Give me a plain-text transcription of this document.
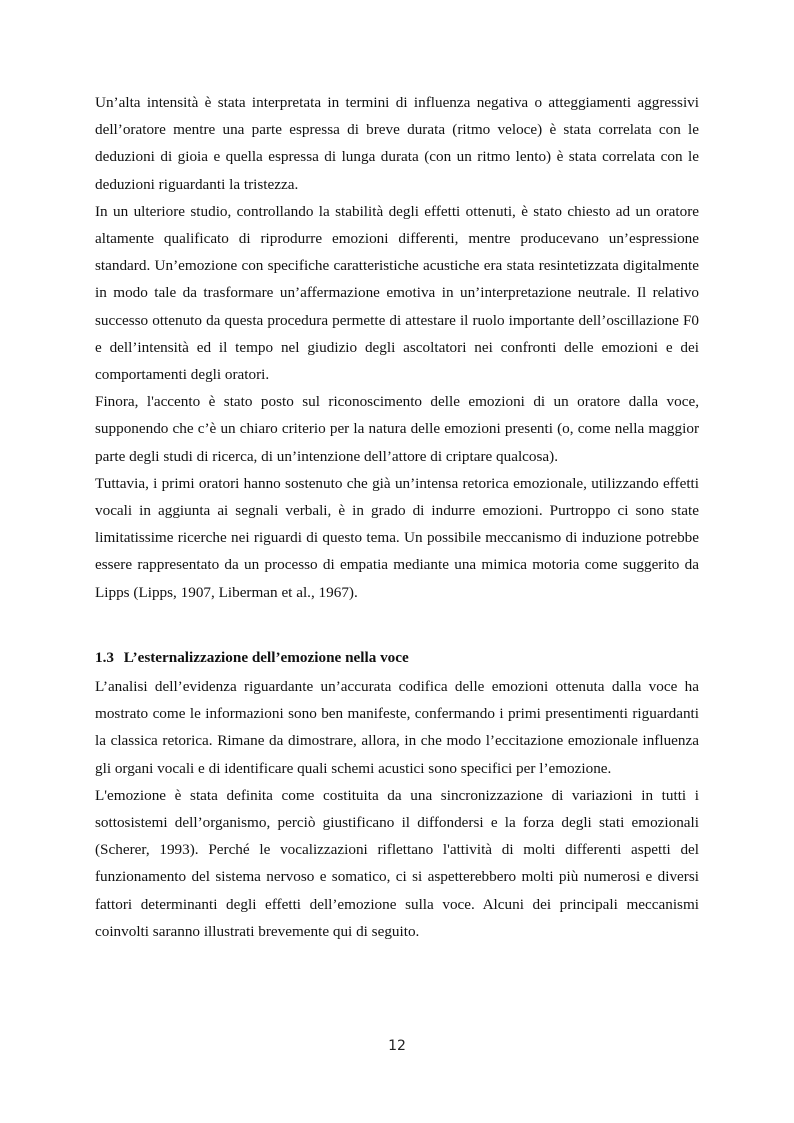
Un’alta intensità è stata interpretata in termini di influenza negativa o atteggiamenti aggressivi dell’oratore mentre una parte espressa di breve durata (ritmo veloce) è stata correlata con le deduzioni di gioia e quella espressa di lunga durata (con un ritmo lento) è stata correlata con le deduzioni riguardanti la tristezza.

In un ulteriore studio, controllando la stabilità degli effetti ottenuti, è stato chiesto ad un oratore altamente qualificato di riprodurre emozioni differenti, mentre producevano un’espressione standard. Un’emozione con specifiche caratteristiche acustiche era stata resintetizzata digitalmente in modo tale da trasformare un’affermazione emotiva in un’interpretazione neutrale. Il relativo successo ottenuto da questa procedura permette di attestare il ruolo importante dell’oscillazione F0 e dell’intensità ed il tempo nel giudizio degli ascoltatori nei confronti delle emozioni e dei comportamenti degli oratori.

Finora, l'accento è stato posto sul riconoscimento delle emozioni di un oratore dalla voce, supponendo che c’è un chiaro criterio per la natura delle emozioni presenti (o, come nella maggior parte degli studi di ricerca, di un’intenzione dell’attore di criptare qualcosa).

Tuttavia, i primi oratori hanno sostenuto che già un’intensa retorica emozionale, utilizzando effetti vocali in aggiunta ai segnali verbali, è in grado di indurre emozioni. Purtroppo ci sono state limitatissime ricerche nei riguardi di questo tema. Un possibile meccanismo di induzione potrebbe essere rappresentato da un processo di empatia mediante una mimica motoria come suggerito da Lipps (Lipps, 1907, Liberman et al., 1967).

1.3 L’esternalizzazione dell’emozione nella voce

L’analisi dell’evidenza riguardante un’accurata codifica delle emozioni ottenuta dalla voce ha mostrato come le informazioni sono ben manifeste, confermando i primi presentimenti riguardanti la classica retorica. Rimane da dimostrare, allora, in che modo l’eccitazione emozionale influenza gli organi vocali e di identificare quali schemi acustici sono specifici per l’emozione.

L'emozione è stata definita come costituita da una sincronizzazione di variazioni in tutti i sottosistemi dell’organismo, perciò giustificano il diffondersi e la forza degli stati emozionali (Scherer, 1993). Perché le vocalizzazioni riflettano l'attività di molti differenti aspetti del funzionamento del sistema nervoso e somatico, ci si aspetterebbero molti più numerosi e diversi fattori determinanti degli effetti dell’emozione sulla voce. Alcuni dei principali meccanismi coinvolti saranno illustrati brevemente qui di seguito.

12
